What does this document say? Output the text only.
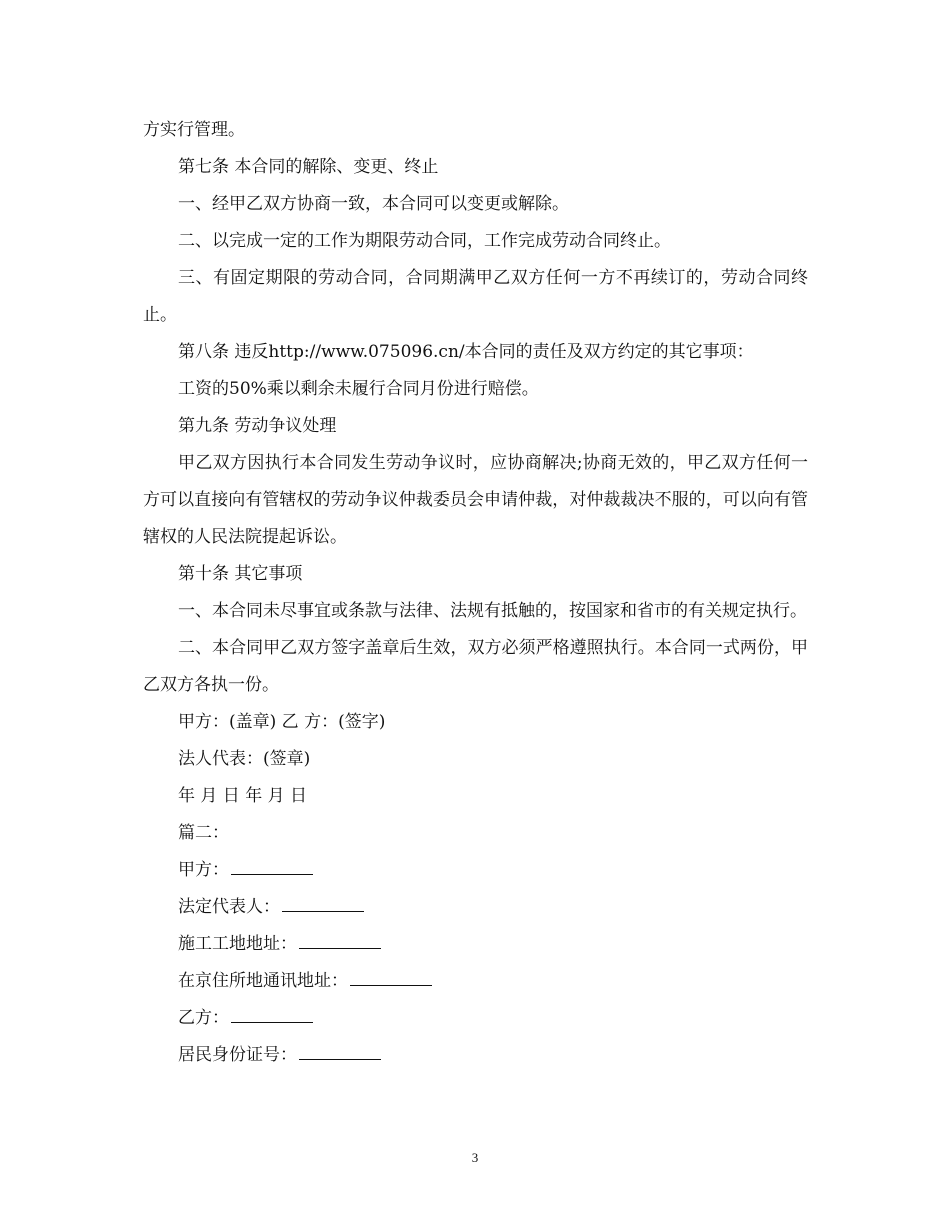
方实行管理。

第七条 本合同的解除、变更、终止

一、经甲乙双方协商一致，本合同可以变更或解除。

二、以完成一定的工作为期限劳动合同，工作完成劳动合同终止。

三、有固定期限的劳动合同，合同期满甲乙双方任何一方不再续订的，劳动合同终止。

第八条 违反http://www.075096.cn/本合同的责任及双方约定的其它事项：

工资的50%乘以剩余未履行合同月份进行赔偿。

第九条 劳动争议处理

甲乙双方因执行本合同发生劳动争议时，应协商解决;协商无效的，甲乙双方任何一方可以直接向有管辖权的劳动争议仲裁委员会申请仲裁，对仲裁裁决不服的，可以向有管辖权的人民法院提起诉讼。

第十条 其它事项

一、本合同未尽事宜或条款与法律、法规有抵触的，按国家和省市的有关规定执行。

二、本合同甲乙双方签字盖章后生效，双方必须严格遵照执行。本合同一式两份，甲乙双方各执一份。

甲方：(盖章) 乙 方：(签字)

法人代表：(签章)

年 月 日 年 月 日

篇二：

甲方：

法定代表人：

施工工地地址：

在京住所地通讯地址：

乙方：

居民身份证号：

3
